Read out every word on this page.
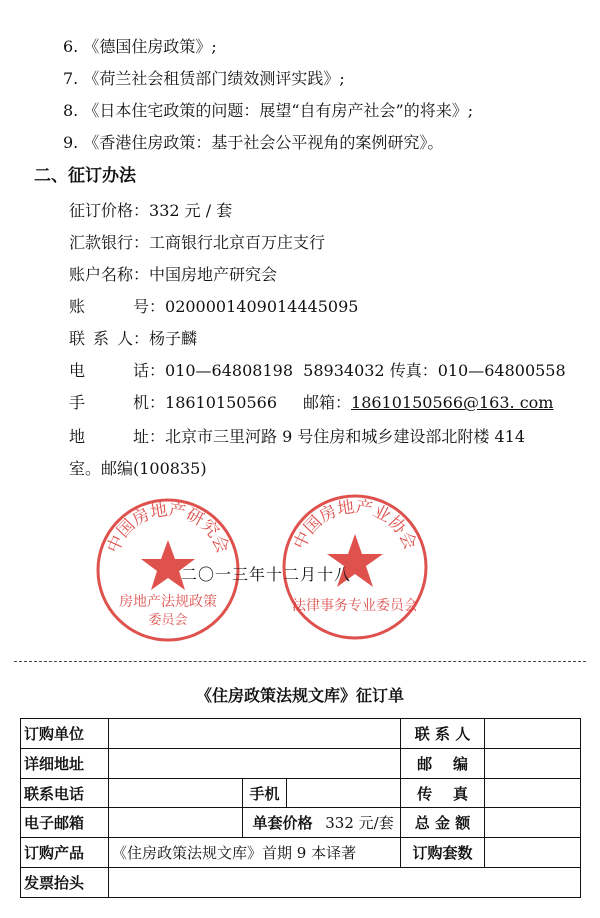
6. 《德国住房政策》;
7. 《荷兰社会租赁部门绩效测评实践》;
8. 《日本住宅政策的问题：展望“自有房产社会”的将来》;
9. 《香港住房政策：基于社会公平视角的案例研究》。
二、征订办法
征订价格：332 元 / 套
汇款银行：工商银行北京百万庄支行
账户名称：中国房地产研究会
账	号：0200001409014445095
联 系 人：杨子麟
电	话：010—64808198  58934032 传真：010—64800558
手	机：18610150566 邮箱：18610150566@163. com
地	址：北京市三里河路 9 号住房和城乡建设部北附楼 414
室。邮编(100835)
中国房地产研究会
房地产法规政策
委员会
中国房地产业协会
法律事务专业委员会
二〇一三年十二月十八
《住房政策法规文库》征订单
订购单位				联 系 人	
详细地址				邮    编	
联系电话		手机		传    真	
电子邮箱		单套价格 332 元/套		总 金 额	
订购产品	《住房政策法规文库》首期 9 本译著			订购套数	
发票抬头					
